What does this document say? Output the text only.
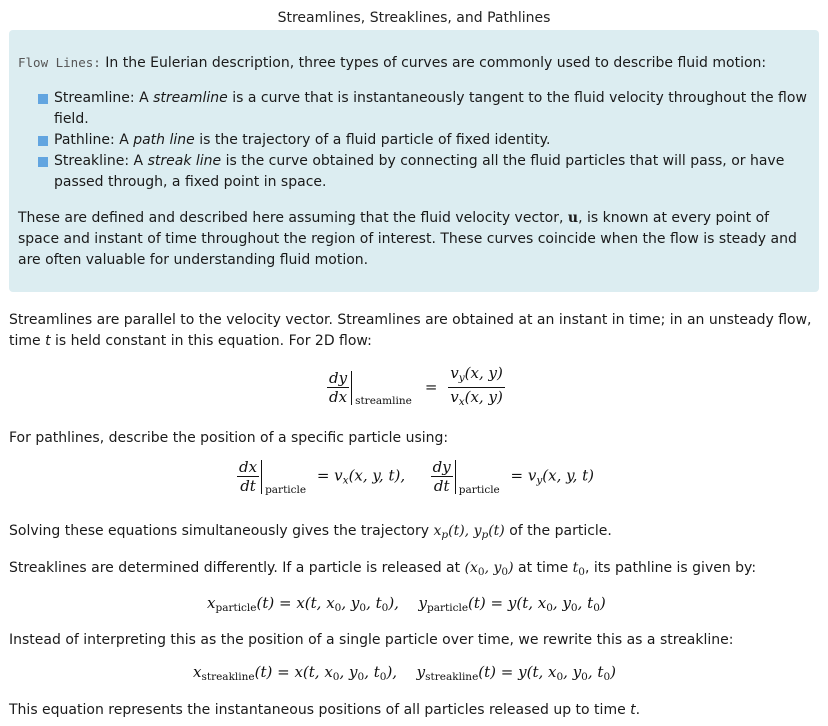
Streamlines, Streaklines, and Pathlines
Flow Lines: In the Eulerian description, three types of curves are commonly used to describe fluid motion:
Streamline: A streamline is a curve that is instantaneously tangent to the fluid velocity throughout the flow field.
Pathline: A path line is the trajectory of a fluid particle of fixed identity.
Streakline: A streak line is the curve obtained by connecting all the fluid particles that will pass, or have passed through, a fixed point in space.
These are defined and described here assuming that the fluid velocity vector, u, is known at every point of space and instant of time throughout the region of interest. These curves coincide when the flow is steady and are often valuable for understanding fluid motion.
Streamlines are parallel to the velocity vector. Streamlines are obtained at an instant in time; in an unsteady flow, time t is held constant in this equation. For 2D flow:
$\frac{dy}{dx}$ streamline
= $\frac{v_y(x, y)}{v_x(x, y)}$
For pathlines, describe the position of a specific particle using:
$\frac{dx}{dt}$ particle
= $v_x(x$, y, t), $\frac{dy}{dt}$ particle
= $v_y(x$, y, t)
Solving these equations simultaneously gives the trajectory $x_p(t)$, $y_p(t)$ of the particle.
Streaklines are determined differently. If a particle is released at ($x_0$, $y_0$) at time $t_0$, its pathline is given by:
$x_{particle}(t) = x(t$, $x_0$, $y_0$, $t_0$), $y_{particle}(t) = y(t$, $x_0$, $y_0$, $t_0$)
Instead of interpreting this as the position of a single particle over time, we rewrite this as a streakline:
$x_{streakline}(t) = x(t$, $x_0$, $y_0$, $t_0$), $y_{streakline}(t) = y(t$, $x_0$, $y_0$, $t_0$)
This equation represents the instantaneous positions of all particles released up to time t.
